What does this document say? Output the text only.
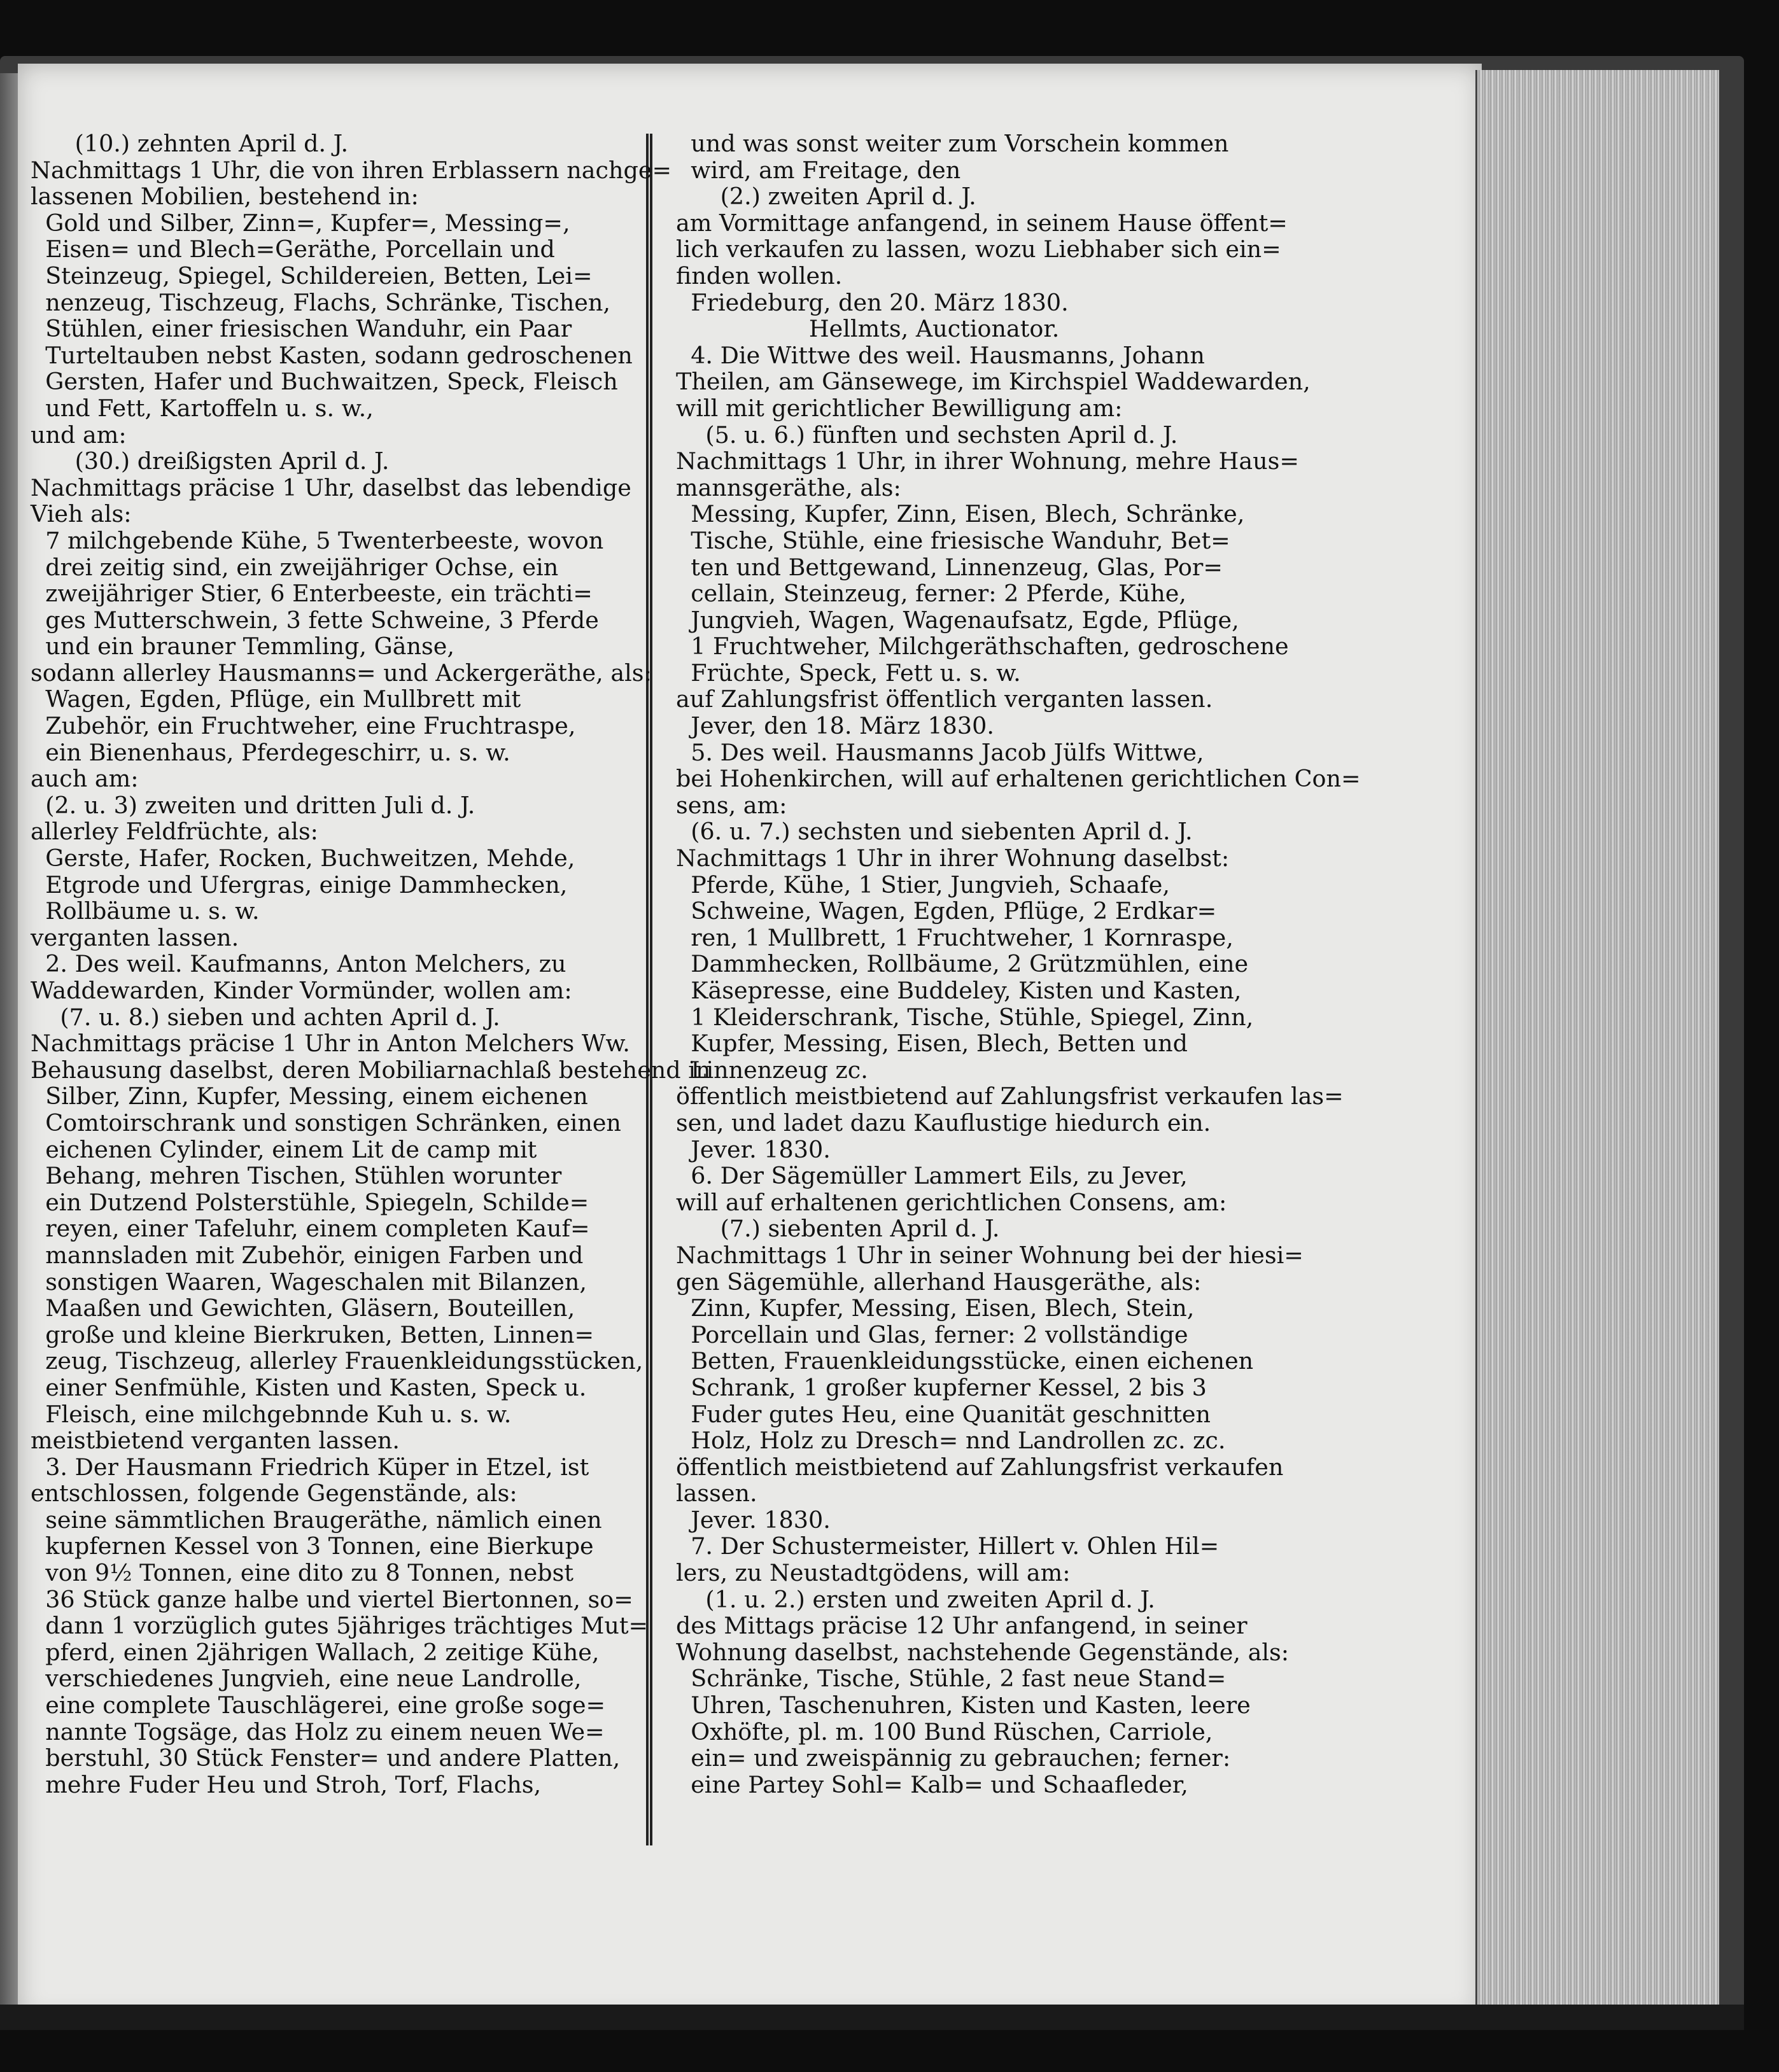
(10.) zehnten April d. J.
Nachmittags 1 Uhr, die von ihren Erblassern nachge=
lassenen Mobilien, bestehend in:
Gold und Silber, Zinn=, Kupfer=, Messing=,
Eisen= und Blech=Geräthe, Porcellain und
Steinzeug, Spiegel, Schildereien, Betten, Lei=
nenzeug, Tischzeug, Flachs, Schränke, Tischen,
Stühlen, einer friesischen Wanduhr, ein Paar
Turteltauben nebst Kasten, sodann gedroschenen
Gersten, Hafer und Buchwaitzen, Speck, Fleisch
und Fett, Kartoffeln u. s. w.,
und am:
(30.) dreißigsten April d. J.
Nachmittags präcise 1 Uhr, daselbst das lebendige
Vieh als:
7 milchgebende Kühe, 5 Twenterbeeste, wovon
drei zeitig sind, ein zweijähriger Ochse, ein
zweijähriger Stier, 6 Enterbeeste, ein trächti=
ges Mutterschwein, 3 fette Schweine, 3 Pferde
und ein brauner Temmling, Gänse,
sodann allerley Hausmanns= und Ackergeräthe, als:
Wagen, Egden, Pflüge, ein Mullbrett mit
Zubehör, ein Fruchtweher, eine Fruchtraspe,
ein Bienenhaus, Pferdegeschirr, u. s. w.
auch am:
(2. u. 3) zweiten und dritten Juli d. J.
allerley Feldfrüchte, als:
Gerste, Hafer, Rocken, Buchweitzen, Mehde,
Etgrode und Ufergras, einige Dammhecken,
Rollbäume u. s. w.
verganten lassen.
2. Des weil. Kaufmanns, Anton Melchers, zu
Waddewarden, Kinder Vormünder, wollen am:
(7. u. 8.) sieben und achten April d. J.
Nachmittags präcise 1 Uhr in Anton Melchers Ww.
Behausung daselbst, deren Mobiliarnachlaß bestehend in
Silber, Zinn, Kupfer, Messing, einem eichenen
Comtoirschrank und sonstigen Schränken, einen
eichenen Cylinder, einem Lit de camp mit
Behang, mehren Tischen, Stühlen worunter
ein Dutzend Polsterstühle, Spiegeln, Schilde=
reyen, einer Tafeluhr, einem completen Kauf=
mannsladen mit Zubehör, einigen Farben und
sonstigen Waaren, Wageschalen mit Bilanzen,
Maaßen und Gewichten, Gläsern, Bouteillen,
große und kleine Bierkruken, Betten, Linnen=
zeug, Tischzeug, allerley Frauenkleidungsstücken,
einer Senfmühle, Kisten und Kasten, Speck u.
Fleisch, eine milchgebnnde Kuh u. s. w.
meistbietend verganten lassen.
3. Der Hausmann Friedrich Küper in Etzel, ist
entschlossen, folgende Gegenstände, als:
seine sämmtlichen Braugeräthe, nämlich einen
kupfernen Kessel von 3 Tonnen, eine Bierkupe
von 9½ Tonnen, eine dito zu 8 Tonnen, nebst
36 Stück ganze halbe und viertel Biertonnen, so=
dann 1 vorzüglich gutes 5jähriges trächtiges Mut=
pferd, einen 2jährigen Wallach, 2 zeitige Kühe,
verschiedenes Jungvieh, eine neue Landrolle,
eine complete Tauschlägerei, eine große soge=
nannte Togsäge, das Holz zu einem neuen We=
berstuhl, 30 Stück Fenster= und andere Platten,
mehre Fuder Heu und Stroh, Torf, Flachs,
und was sonst weiter zum Vorschein kommen
wird, am Freitage, den
(2.) zweiten April d. J.
am Vormittage anfangend, in seinem Hause öffent=
lich verkaufen zu lassen, wozu Liebhaber sich ein=
finden wollen.
Friedeburg, den 20. März 1830.
Hellmts, Auctionator.
4. Die Wittwe des weil. Hausmanns, Johann
Theilen, am Gänsewege, im Kirchspiel Waddewarden,
will mit gerichtlicher Bewilligung am:
(5. u. 6.) fünften und sechsten April d. J.
Nachmittags 1 Uhr, in ihrer Wohnung, mehre Haus=
mannsgeräthe, als:
Messing, Kupfer, Zinn, Eisen, Blech, Schränke,
Tische, Stühle, eine friesische Wanduhr, Bet=
ten und Bettgewand, Linnenzeug, Glas, Por=
cellain, Steinzeug, ferner: 2 Pferde, Kühe,
Jungvieh, Wagen, Wagenaufsatz, Egde, Pflüge,
1 Fruchtweher, Milchgeräthschaften, gedroschene
Früchte, Speck, Fett u. s. w.
auf Zahlungsfrist öffentlich verganten lassen.
Jever, den 18. März 1830.
5. Des weil. Hausmanns Jacob Jülfs Wittwe,
bei Hohenkirchen, will auf erhaltenen gerichtlichen Con=
sens, am:
(6. u. 7.) sechsten und siebenten April d. J.
Nachmittags 1 Uhr in ihrer Wohnung daselbst:
Pferde, Kühe, 1 Stier, Jungvieh, Schaafe,
Schweine, Wagen, Egden, Pflüge, 2 Erdkar=
ren, 1 Mullbrett, 1 Fruchtweher, 1 Kornraspe,
Dammhecken, Rollbäume, 2 Grützmühlen, eine
Käsepresse, eine Buddeley, Kisten und Kasten,
1 Kleiderschrank, Tische, Stühle, Spiegel, Zinn,
Kupfer, Messing, Eisen, Blech, Betten und
Linnenzeug zc.
öffentlich meistbietend auf Zahlungsfrist verkaufen las=
sen, und ladet dazu Kauflustige hiedurch ein.
Jever. 1830.
6. Der Sägemüller Lammert Eils, zu Jever,
will auf erhaltenen gerichtlichen Consens, am:
(7.) siebenten April d. J.
Nachmittags 1 Uhr in seiner Wohnung bei der hiesi=
gen Sägemühle, allerhand Hausgeräthe, als:
Zinn, Kupfer, Messing, Eisen, Blech, Stein,
Porcellain und Glas, ferner: 2 vollständige
Betten, Frauenkleidungsstücke, einen eichenen
Schrank, 1 großer kupferner Kessel, 2 bis 3
Fuder gutes Heu, eine Quanität geschnitten
Holz, Holz zu Dresch= nnd Landrollen zc. zc.
öffentlich meistbietend auf Zahlungsfrist verkaufen
lassen.
Jever. 1830.
7. Der Schustermeister, Hillert v. Ohlen Hil=
lers, zu Neustadtgödens, will am:
(1. u. 2.) ersten und zweiten April d. J.
des Mittags präcise 12 Uhr anfangend, in seiner
Wohnung daselbst, nachstehende Gegenstände, als:
Schränke, Tische, Stühle, 2 fast neue Stand=
Uhren, Taschenuhren, Kisten und Kasten, leere
Oxhöfte, pl. m. 100 Bund Rüschen, Carriole,
ein= und zweispännig zu gebrauchen; ferner:
eine Partey Sohl= Kalb= und Schaafleder,
